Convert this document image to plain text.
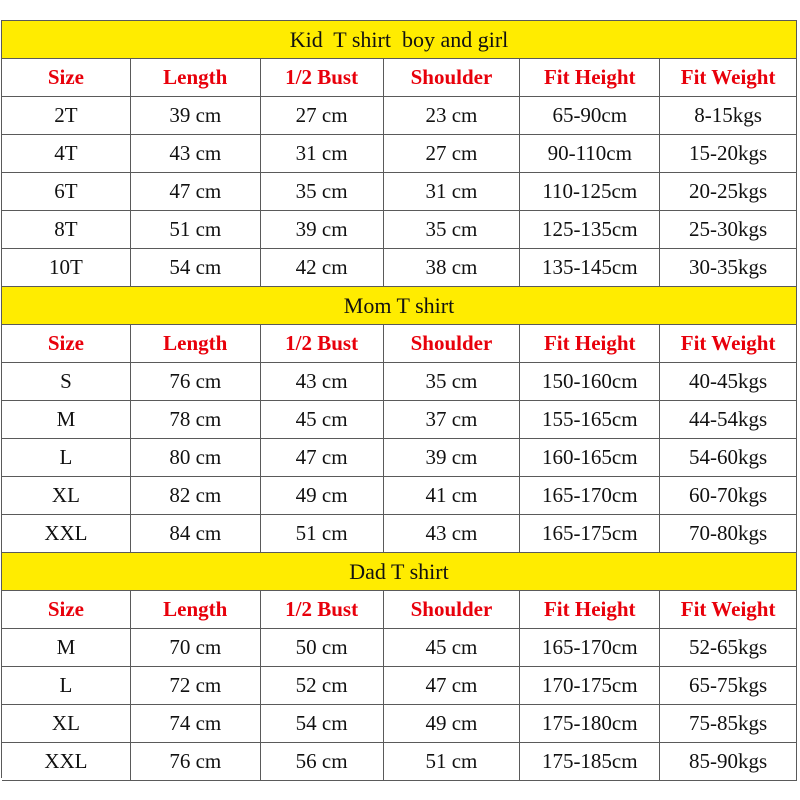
Kid  T shirt  boy and girl
Size	Length	1/2 Bust	Shoulder	Fit Height	Fit Weight
2T	39 cm	27 cm	23 cm	65-90cm	8-15kgs
4T	43 cm	31 cm	27 cm	90-110cm	15-20kgs
6T	47 cm	35 cm	31 cm	110-125cm	20-25kgs
8T	51 cm	39 cm	35 cm	125-135cm	25-30kgs
10T	54 cm	42 cm	38 cm	135-145cm	30-35kgs
Mom T shirt
Size	Length	1/2 Bust	Shoulder	Fit Height	Fit Weight
S	76 cm	43 cm	35 cm	150-160cm	40-45kgs
M	78 cm	45 cm	37 cm	155-165cm	44-54kgs
L	80 cm	47 cm	39 cm	160-165cm	54-60kgs
XL	82 cm	49 cm	41 cm	165-170cm	60-70kgs
XXL	84 cm	51 cm	43 cm	165-175cm	70-80kgs
Dad T shirt
Size	Length	1/2 Bust	Shoulder	Fit Height	Fit Weight
M	70 cm	50 cm	45 cm	165-170cm	52-65kgs
L	72 cm	52 cm	47 cm	170-175cm	65-75kgs
XL	74 cm	54 cm	49 cm	175-180cm	75-85kgs
XXL	76 cm	56 cm	51 cm	175-185cm	85-90kgs
